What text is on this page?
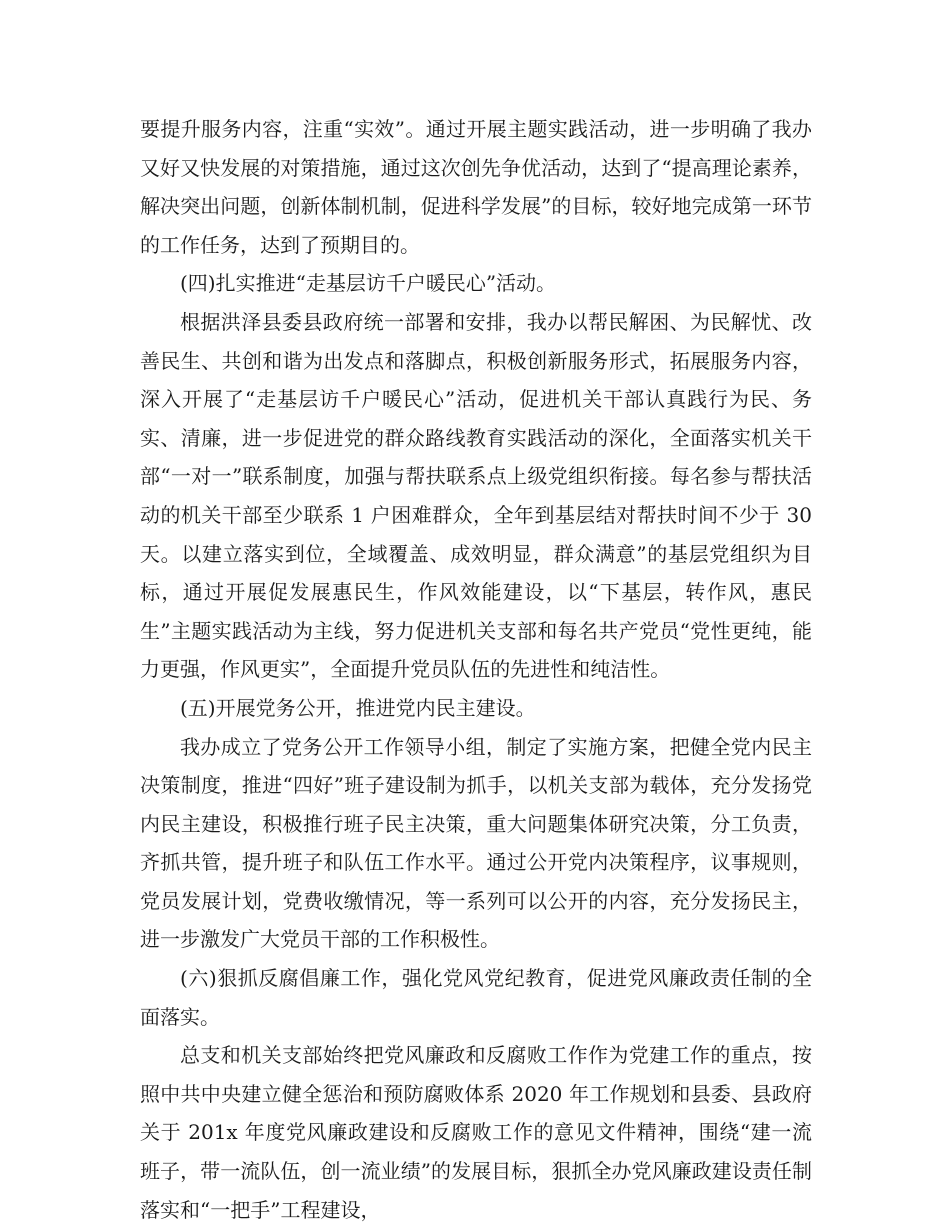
要提升服务内容，注重“实效”。通过开展主题实践活动，进一步明确了我办又好又快发展的对策措施，通过这次创先争优活动，达到了“提高理论素养，解决突出问题，创新体制机制，促进科学发展”的目标，较好地完成第一环节的工作任务，达到了预期目的。

(四)扎实推进“走基层访千户暖民心”活动。

根据洪泽县委县政府统一部署和安排，我办以帮民解困、为民解忧、改善民生、共创和谐为出发点和落脚点，积极创新服务形式，拓展服务内容，深入开展了“走基层访千户暖民心”活动，促进机关干部认真践行为民、务实、清廉，进一步促进党的群众路线教育实践活动的深化，全面落实机关干部“一对一”联系制度，加强与帮扶联系点上级党组织衔接。每名参与帮扶活动的机关干部至少联系 1 户困难群众，全年到基层结对帮扶时间不少于 30 天。以建立落实到位，全域覆盖、成效明显，群众满意”的基层党组织为目标，通过开展促发展惠民生，作风效能建设，以“下基层，转作风，惠民生”主题实践活动为主线，努力促进机关支部和每名共产党员“党性更纯，能力更强，作风更实”，全面提升党员队伍的先进性和纯洁性。

(五)开展党务公开，推进党内民主建设。

我办成立了党务公开工作领导小组，制定了实施方案，把健全党内民主决策制度，推进“四好”班子建设制为抓手，以机关支部为载体，充分发扬党内民主建设，积极推行班子民主决策，重大问题集体研究决策，分工负责，齐抓共管，提升班子和队伍工作水平。通过公开党内决策程序，议事规则，党员发展计划，党费收缴情况，等一系列可以公开的内容，充分发扬民主，进一步激发广大党员干部的工作积极性。

(六)狠抓反腐倡廉工作，强化党风党纪教育，促进党风廉政责任制的全面落实。

总支和机关支部始终把党风廉政和反腐败工作作为党建工作的重点，按照中共中央建立健全惩治和预防腐败体系 2020 年工作规划和县委、县政府关于 201x 年度党风廉政建设和反腐败工作的意见文件精神，围绕“建一流班子，带一流队伍，创一流业绩”的发展目标，狠抓全办党风廉政建设责任制落实和“一把手”工程建设，
